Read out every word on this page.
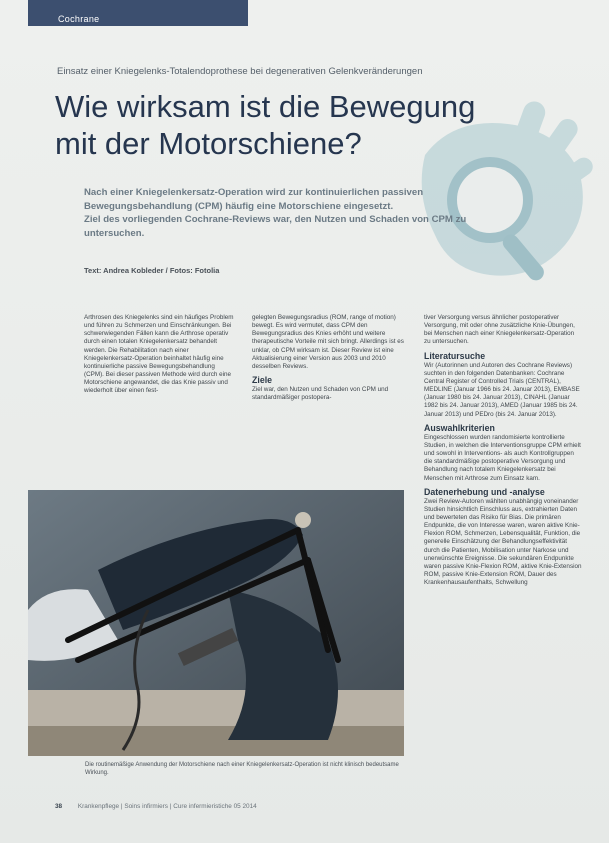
Cochrane
Einsatz einer Kniegelenks-Totalendoprothese bei degenerativen Gelenkveränderungen
Wie wirksam ist die Bewegung
mit der Motorschiene?

Nach einer Kniegelenkersatz-Operation wird zur kontinuierlichen passiven Bewegungsbehandlung (CPM) häufig eine Motorschiene eingesetzt.

Ziel des vorliegenden Cochrane-Reviews war, den Nutzen und Schaden von CPM zu untersuchen.

Text: Andrea Kobleder / Fotos: Fotolia

Arthrosen des Kniegelenks sind ein häufiges Problem und führen zu Schmerzen und Einschränkungen. Bei schwerwiegenden Fällen kann die Arthrose operativ durch einen totalen Kniegelenkersatz behandelt werden. Die Rehabilitation nach einer Kniegelenkersatz-Operation beinhaltet häufig eine kontinuierliche passive Bewegungsbehandlung (CPM). Bei dieser passiven Methode wird durch eine Motorschiene angewandet, die das Knie passiv und wiederholt über einen fest-

gelegten Bewegungsradius (ROM, range of motion) bewegt. Es wird vermutet, dass CPM den Bewegungsradius des Knies erhöht und weitere therapeutische Vorteile mit sich bringt. Allerdings ist es unklar, ob CPM wirksam ist. Dieser Review ist eine Aktualisierung einer Version aus 2003 und 2010 desselben Reviews.

Ziele

Ziel war, den Nutzen und Schaden von CPM und standardmäßiger postopera-

tiver Versorgung versus ähnlicher postoperativer Versorgung, mit oder ohne zusätzliche Knie-Übungen, bei Menschen nach einer Kniegelenkersatz-Operation zu untersuchen.

Literatursuche

Wir (Autorinnen und Autoren des Cochrane Reviews) suchten in den folgenden Datenbanken: Cochrane Central Register of Controlled Trials (CENTRAL), MEDLINE (Januar 1966 bis 24. Januar 2013), EMBASE (Januar 1980 bis 24. Januar 2013), CINAHL (Januar 1982 bis 24. Januar 2013), AMED (Januar 1985 bis 24. Januar 2013) und PEDro (bis 24. Januar 2013).

Auswahlkriterien

Eingeschlossen wurden randomisierte kontrollierte Studien, in welchen die Interventionsgruppe CPM erhielt und sowohl in Interventions- als auch Kontrollgruppen die standardmäßige postoperative Versorgung und Behandlung nach totalem Kniegelenkersatz bei Menschen mit Arthrose zum Einsatz kam.

Datenerhebung und -analyse

Zwei Review-Autoren wählten unabhängig voneinander Studien hinsichtlich Einschluss aus, extrahierten Daten und bewerteten das Risiko für Bias. Die primären Endpunkte, die von Interesse waren, waren aktive Knie-Flexion ROM, Schmerzen, Lebensqualität, Funktion, die generelle Einschätzung der Behandlungseffektivität durch die Patienten, Mobilisation unter Narkose und unerwünschte Ereignisse. Die sekundären Endpunkte waren passive Knie-Flexion ROM, aktive Knie-Extension ROM, passive Knie-Extension ROM, Dauer des Krankenhausaufenthalts, Schwellung

Die routinemäßige Anwendung der Motorschiene nach einer Kniegelenkersatz-Operation ist nicht klinisch bedeutsame Wirkung.
38 Krankenpflege | Soins infirmiers | Cure infermieristiche 05 2014
